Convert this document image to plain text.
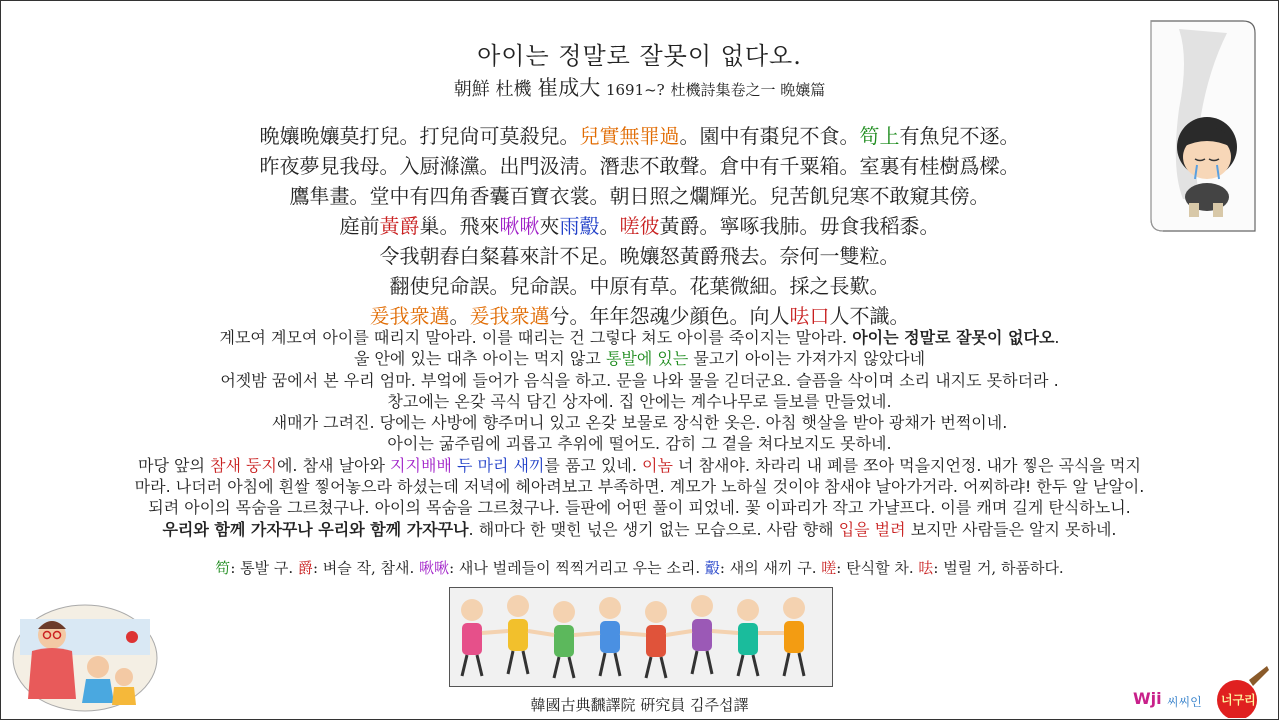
아이는 정말로 잘못이 없다오.
朝鮮 杜機 崔成大 1691~? 杜機詩集卷之一 晩孃篇
晩孃晩孃莫打兒。打兒尙可莫殺兒。兒實無罪過。園中有棗兒不食。笱上有魚兒不逐。
昨夜夢見我母。入厨滌灙。出門汲淸。潛悲不敢聲。倉中有千粟箱。室裏有桂樹爲樑。
鷹隼畫。堂中有四角香囊百寶衣裳。朝日照之爛輝光。兒苦飢兒寒不敢窺其傍。
庭前黃爵巢。飛來啾啾夾雨鷇。嗟彼黃爵。寧啄我肺。毋食我稻黍。
令我朝舂白粲暮來計不足。晩孃怒黃爵飛去。奈何一雙粒。
翻使兒命誤。兒命誤。中原有草。花葉微細。採之長歎。
爰我衆邁。爰我衆邁兮。年年怨魂少顔色。向人呿口人不識。
계모여 계모여 아이를 때리지 말아라. 이를 때리는 건 그렇다 쳐도 아이를 죽이지는 말아라. 아이는 정말로 잘못이 없다오.
울 안에 있는 대추 아이는 먹지 않고 통발에 있는 물고기 아이는 가져가지 않았다네
어젯밤 꿈에서 본 우리 엄마. 부엌에 들어가 음식을 하고. 문을 나와 물을 긷더군요. 슬픔을 삭이며 소리 내지도 못하더라 .
창고에는 온갖 곡식 담긴 상자에. 집 안에는 계수나무로 들보를 만들었네.
새매가 그려진. 당에는 사방에 향주머니 있고 온갖 보물로 장식한 옷은. 아침 햇살을 받아 광채가 번쩍이네.
아이는 굶주림에 괴롭고 추위에 떨어도. 감히 그 곁을 쳐다보지도 못하네.
마당 앞의 참새 둥지에. 참새 날아와 지지배배 두 마리 새끼를 품고 있네. 이놈 너 참새야. 차라리 내 폐를 쪼아 먹을지언정. 내가 찧은 곡식을 먹지
마라. 나더러 아침에 흰쌀 찧어놓으라 하셨는데 저녁에 헤아려보고 부족하면. 계모가 노하실 것이야 참새야 날아가거라. 어찌하랴! 한두 알 낟알이.
되려 아이의 목숨을 그르쳤구나. 아이의 목숨을 그르쳤구나. 들판에 어떤 풀이 피었네. 꽃 이파리가 작고 가냘프다. 이를 캐며 길게 탄식하노니.
우리와 함께 가자꾸나 우리와 함께 가자꾸나. 해마다 한 맺힌 넋은 생기 없는 모습으로. 사람 향해 입을 벌려 보지만 사람들은 알지 못하네.
笱: 통발 구. 爵: 벼슬 작, 참새. 啾啾: 새나 벌레들이 찍찍거리고 우는 소리. 鷇: 새의 새끼 구. 嗟: 탄식할 차. 呿: 벌릴 거, 하품하다.
韓國古典飜譯院 硏究員 김주섭譯	Wji 씨씨인 너구리
